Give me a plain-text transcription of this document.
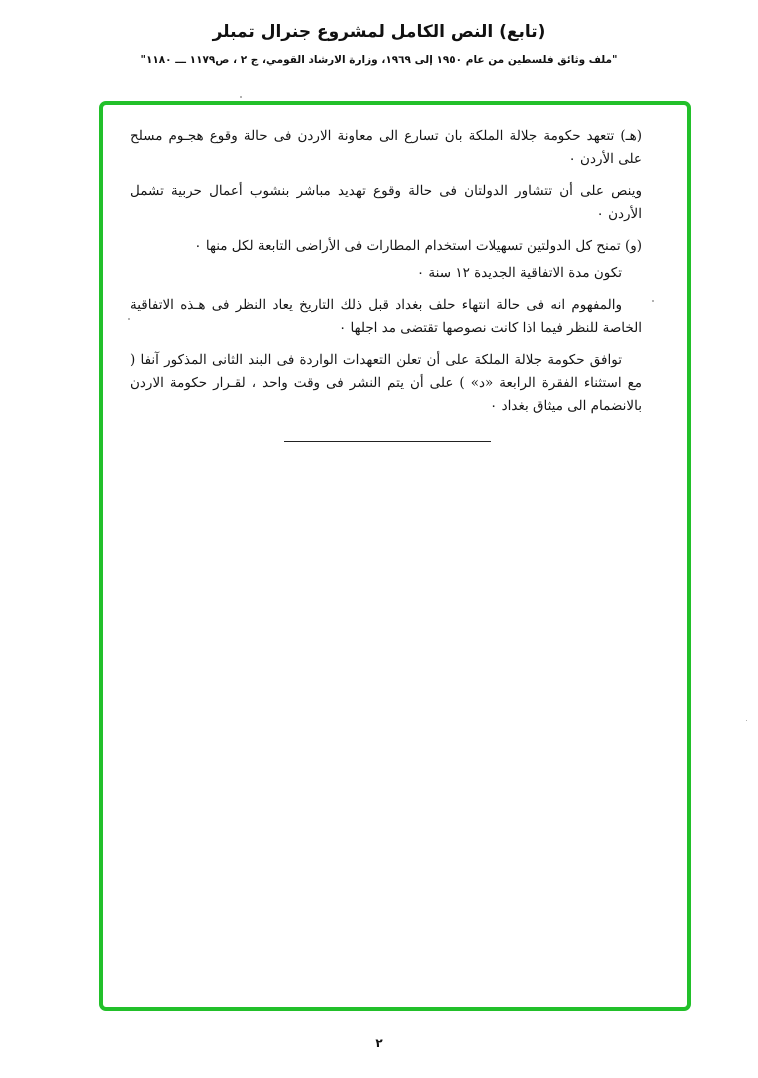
(تابع) النص الكامل لمشروع جنرال تمبلر
"ملف وثائق فلسطين من عام ١٩٥٠ إلى ١٩٦٩، وزارة الارشاد القومي، ج ٢ ، ص١١٧٩ ـــ ١١٨٠"

(هـ) تتعهد حكومة جلالة الملكة بان تسارع الى معاونة الاردن فى حالة وقوع هجـوم مسلح على الأردن ٠

وينص على أن تتشاور الدولتان فى حالة وقوع تهديد مباشر بنشوب أعمال حربية تشمل الأردن ٠

(و) تمنح كل الدولتين تسهيلات استخدام المطارات فى الأراضى التابعة لكل منها ٠

تكون مدة الاتفاقية الجديدة ١٢ سنة ٠

والمفهوم انه فى حالة انتهاء حلف بغداد قبل ذلك التاريخ يعاد النظر فى هـذه الاتفاقية الخاصة للنظر فيما اذا كانت نصوصها تقتضى مد اجلها ٠

توافق حكومة جلالة الملكة على أن تعلن التعهدات الواردة فى البند الثانى المذكور آنفا ( مع استثناء الفقرة الرابعة «د» ) على أن يتم النشر فى وقت واحد ، لقـرار حكومة الاردن بالانضمام الى ميثاق بغداد ٠

٢
